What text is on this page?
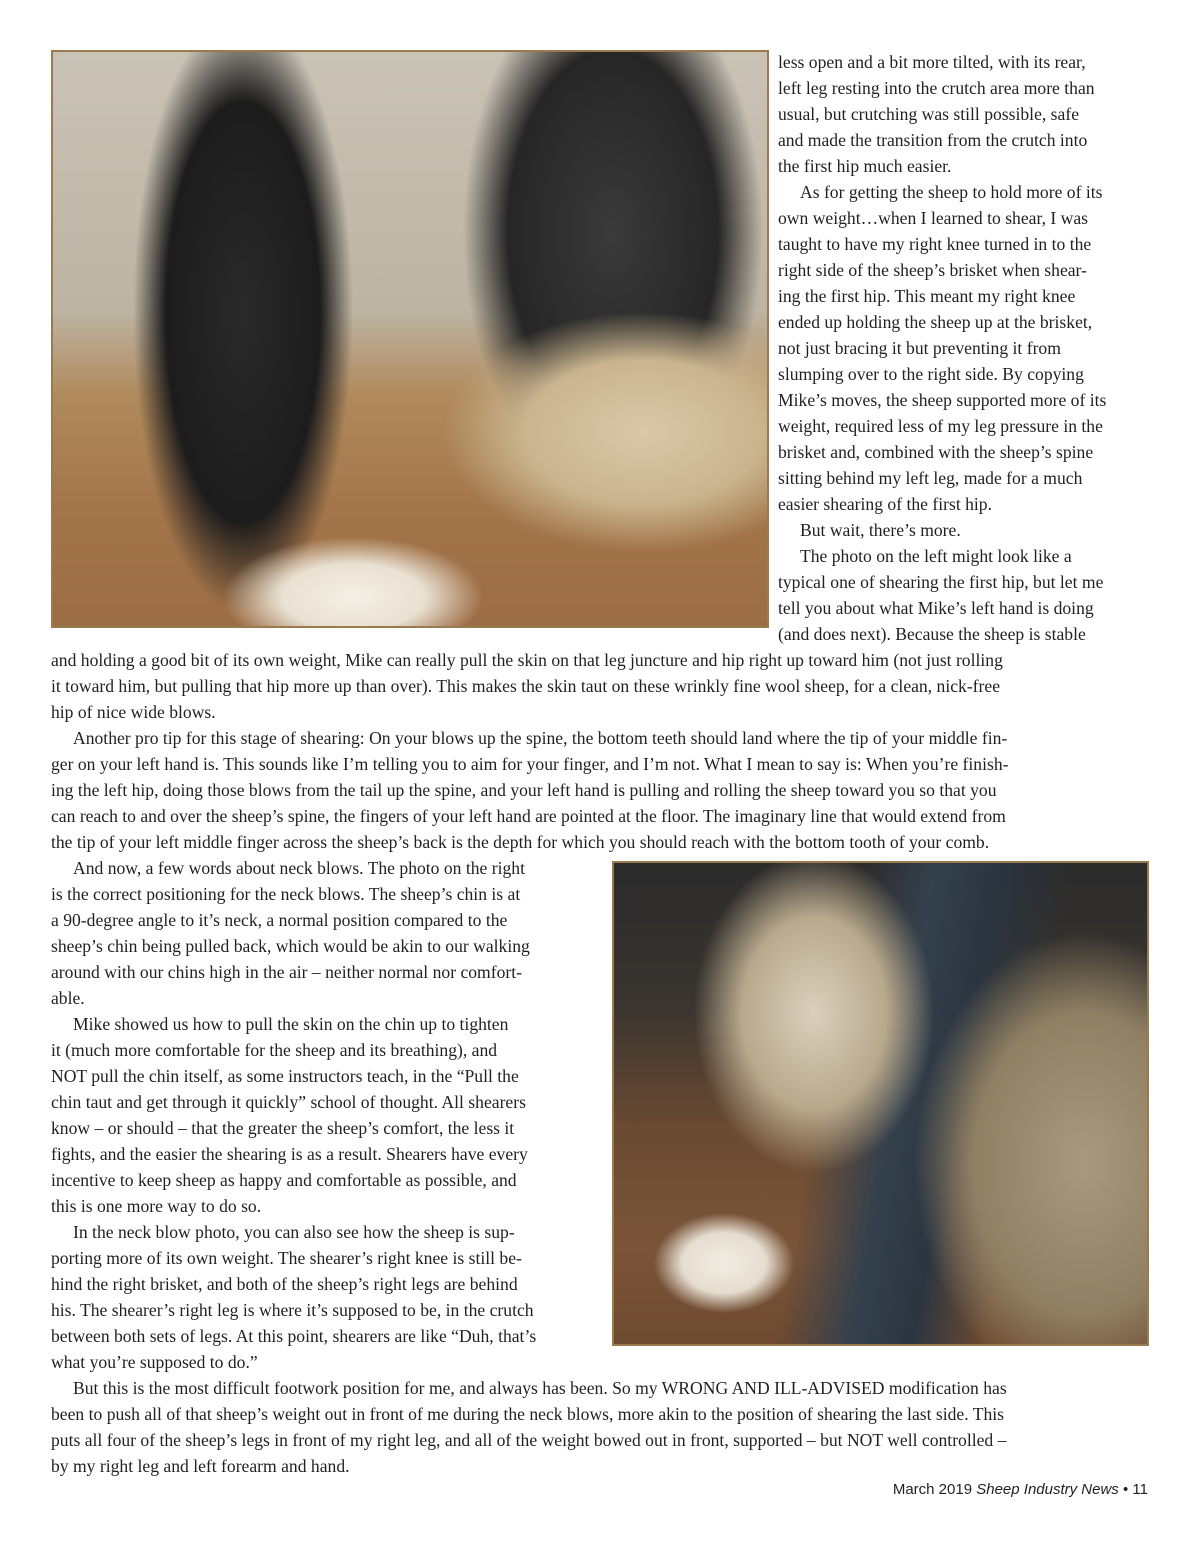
less open and a bit more tilted, with its rear,

left leg resting into the crutch area more than

usual, but crutching was still possible, safe

and made the transition from the crutch into

the first hip much easier.

As for getting the sheep to hold more of its

own weight…when I learned to shear, I was

taught to have my right knee turned in to the

right side of the sheep’s brisket when shear-

ing the first hip. This meant my right knee

ended up holding the sheep up at the brisket,

not just bracing it but preventing it from

slumping over to the right side. By copying

Mike’s moves, the sheep supported more of its

weight, required less of my leg pressure in the

brisket and, combined with the sheep’s spine

sitting behind my left leg, made for a much

easier shearing of the first hip.

But wait, there’s more.

The photo on the left might look like a

typical one of shearing the first hip, but let me

tell you about what Mike’s left hand is doing

(and does next). Because the sheep is stable

and holding a good bit of its own weight, Mike can really pull the skin on that leg juncture and hip right up toward him (not just rolling

it toward him, but pulling that hip more up than over). This makes the skin taut on these wrinkly fine wool sheep, for a clean, nick-free

hip of nice wide blows.

Another pro tip for this stage of shearing: On your blows up the spine, the bottom teeth should land where the tip of your middle fin-

ger on your left hand is. This sounds like I’m telling you to aim for your finger, and I’m not. What I mean to say is: When you’re finish-

ing the left hip, doing those blows from the tail up the spine, and your left hand is pulling and rolling the sheep toward you so that you

can reach to and over the sheep’s spine, the fingers of your left hand are pointed at the floor. The imaginary line that would extend from

the tip of your left middle finger across the sheep’s back is the depth for which you should reach with the bottom tooth of your comb.

And now, a few words about neck blows. The photo on the right

is the correct positioning for the neck blows. The sheep’s chin is at

a 90-degree angle to it’s neck, a normal position compared to the

sheep’s chin being pulled back, which would be akin to our walking

around with our chins high in the air – neither normal nor comfort-

able.

Mike showed us how to pull the skin on the chin up to tighten

it (much more comfortable for the sheep and its breathing), and

NOT pull the chin itself, as some instructors teach, in the “Pull the

chin taut and get through it quickly” school of thought. All shearers

know – or should – that the greater the sheep’s comfort, the less it

fights, and the easier the shearing is as a result. Shearers have every

incentive to keep sheep as happy and comfortable as possible, and

this is one more way to do so.

In the neck blow photo, you can also see how the sheep is sup-

porting more of its own weight. The shearer’s right knee is still be-

hind the right brisket, and both of the sheep’s right legs are behind

his. The shearer’s right leg is where it’s supposed to be, in the crutch

between both sets of legs. At this point, shearers are like “Duh, that’s

what you’re supposed to do.”

But this is the most difficult footwork position for me, and always has been. So my WRONG AND ILL-ADVISED modification has

been to push all of that sheep’s weight out in front of me during the neck blows, more akin to the position of shearing the last side. This

puts all four of the sheep’s legs in front of my right leg, and all of the weight bowed out in front, supported – but NOT well controlled –

by my right leg and left forearm and hand.

March 2019 Sheep Industry News • 11
